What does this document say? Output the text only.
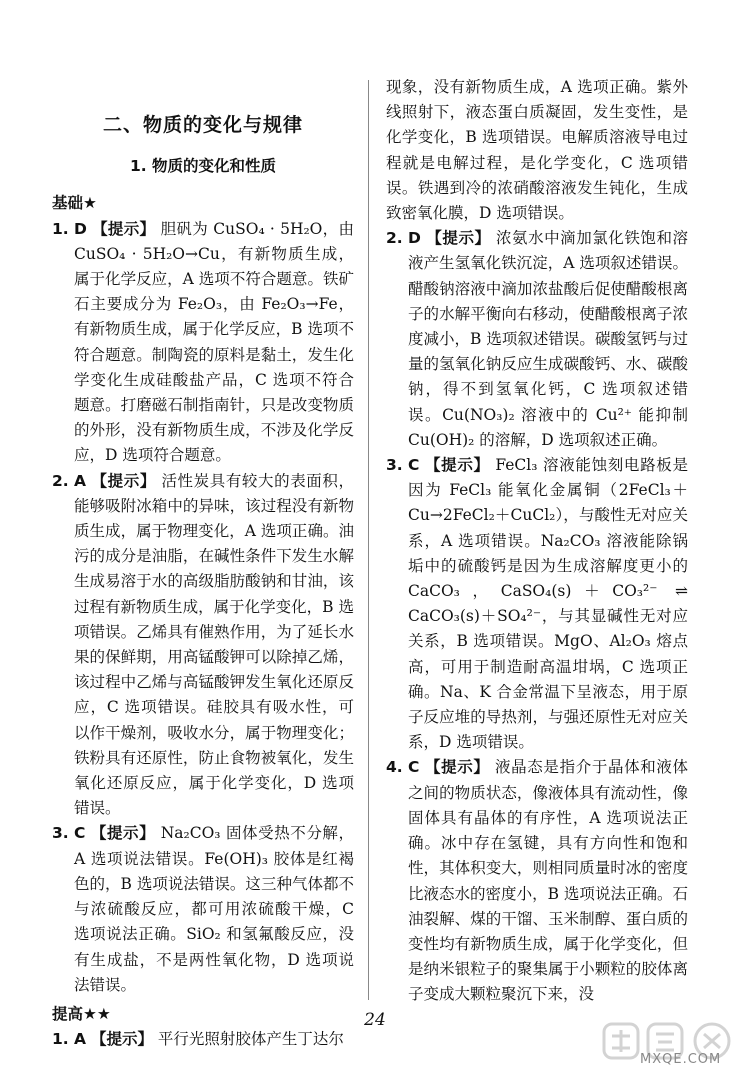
二、物质的变化与规律
1. 物质的变化和性质
基础★
1. D 【提示】 胆矾为 CuSO₄ · 5H₂O，由 CuSO₄ · 5H₂O→Cu，有新物质生成，属于化学反应，A 选项不符合题意。铁矿石主要成分为 Fe₂O₃，由 Fe₂O₃→Fe，有新物质生成，属于化学反应，B 选项不符合题意。制陶瓷的原料是黏土，发生化学变化生成硅酸盐产品，C 选项不符合题意。打磨磁石制指南针，只是改变物质的外形，没有新物质生成，不涉及化学反应，D 选项符合题意。
2. A 【提示】 活性炭具有较大的表面积，能够吸附冰箱中的异味，该过程没有新物质生成，属于物理变化，A 选项正确。油污的成分是油脂，在碱性条件下发生水解生成易溶于水的高级脂肪酸钠和甘油，该过程有新物质生成，属于化学变化，B 选项错误。乙烯具有催熟作用，为了延长水果的保鲜期，用高锰酸钾可以除掉乙烯，该过程中乙烯与高锰酸钾发生氧化还原反应，C 选项错误。硅胶具有吸水性，可以作干燥剂，吸收水分，属于物理变化；铁粉具有还原性，防止食物被氧化，发生氧化还原反应，属于化学变化，D 选项错误。
3. C 【提示】 Na₂CO₃ 固体受热不分解，A 选项说法错误。Fe(OH)₃ 胶体是红褐色的，B 选项说法错误。这三种气体都不与浓硫酸反应，都可用浓硫酸干燥，C 选项说法正确。SiO₂ 和氢氟酸反应，没有生成盐，不是两性氧化物，D 选项说法错误。
提高★★
1. A 【提示】 平行光照射胶体产生丁达尔
现象，没有新物质生成，A 选项正确。紫外线照射下，液态蛋白质凝固，发生变性，是化学变化，B 选项错误。电解质溶液导电过程就是电解过程，是化学变化，C 选项错误。铁遇到冷的浓硝酸溶液发生钝化，生成致密氧化膜，D 选项错误。
2. D 【提示】 浓氨水中滴加氯化铁饱和溶液产生氢氧化铁沉淀，A 选项叙述错误。醋酸钠溶液中滴加浓盐酸后促使醋酸根离子的水解平衡向右移动，使醋酸根离子浓度减小，B 选项叙述错误。碳酸氢钙与过量的氢氧化钠反应生成碳酸钙、水、碳酸钠，得不到氢氧化钙，C 选项叙述错误。Cu(NO₃)₂ 溶液中的 Cu²⁺ 能抑制 Cu(OH)₂ 的溶解，D 选项叙述正确。
3. C 【提示】 FeCl₃ 溶液能蚀刻电路板是因为 FeCl₃ 能氧化金属铜（2FeCl₃＋Cu→2FeCl₂＋CuCl₂），与酸性无对应关系，A 选项错误。Na₂CO₃ 溶液能除锅垢中的硫酸钙是因为生成溶解度更小的CaCO₃，CaSO₄(s)＋CO₃²⁻ ⇌ CaCO₃(s)＋SO₄²⁻，与其显碱性无对应关系，B 选项错误。MgO、Al₂O₃ 熔点高，可用于制造耐高温坩埚，C 选项正确。Na、K 合金常温下呈液态，用于原子反应堆的导热剂，与强还原性无对应关系，D 选项错误。
4. C 【提示】 液晶态是指介于晶体和液体之间的物质状态，像液体具有流动性，像固体具有晶体的有序性，A 选项说法正确。冰中存在氢键，具有方向性和饱和性，其体积变大，则相同质量时冰的密度比液态水的密度小，B 选项说法正确。石油裂解、煤的干馏、玉米制醇、蛋白质的变性均有新物质生成，属于化学变化，但是纳米银粒子的聚集属于小颗粒的胶体离子变成大颗粒聚沉下来，没
24
MXQE.COM
